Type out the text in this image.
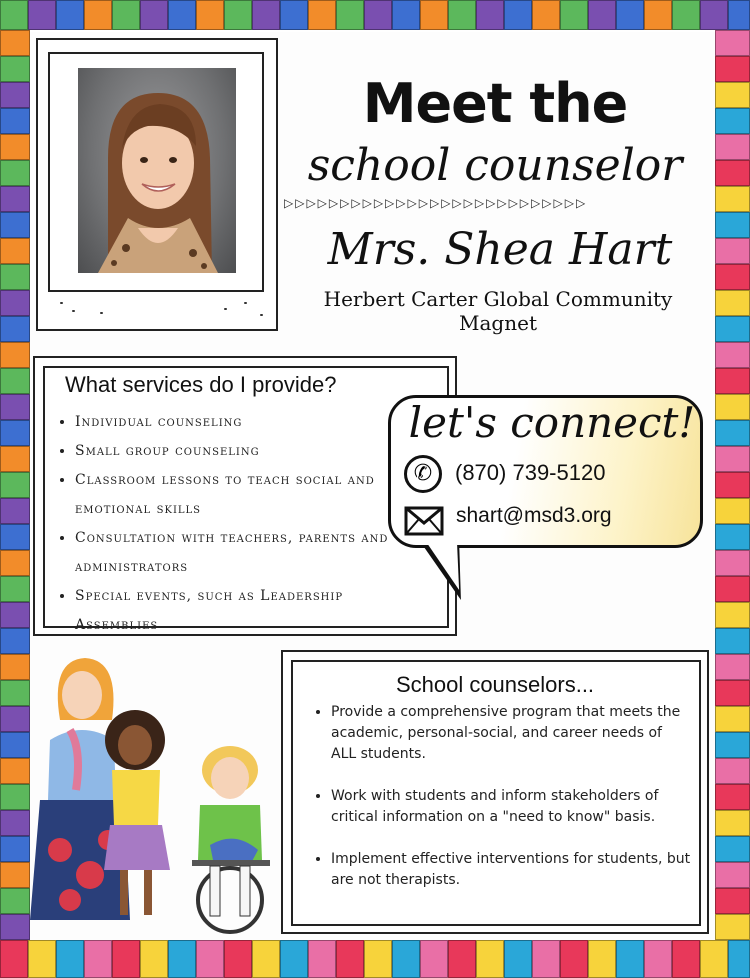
Meet the
school counselor
▷▷▷▷▷▷▷▷▷▷▷▷▷▷▷▷▷▷▷▷▷▷▷▷▷▷▷
Mrs. Shea Hart
Herbert Carter Global Community Magnet
What services do I provide?
• Individual counseling
• Small group counseling
• Classroom lessons to teach social and emotional skills
• Consultation with teachers, parents and administrators
• Special events, such as Leadership Assemblies
let's connect!
✆	(870) 739-5120
shart@msd3.org
School counselors...
• Provide a comprehensive program that meets the academic, personal-social, and career needs of ALL students.
• Work with students and inform stakeholders of critical information on a "need to know" basis.
• Implement effective interventions for students, but are not therapists.
